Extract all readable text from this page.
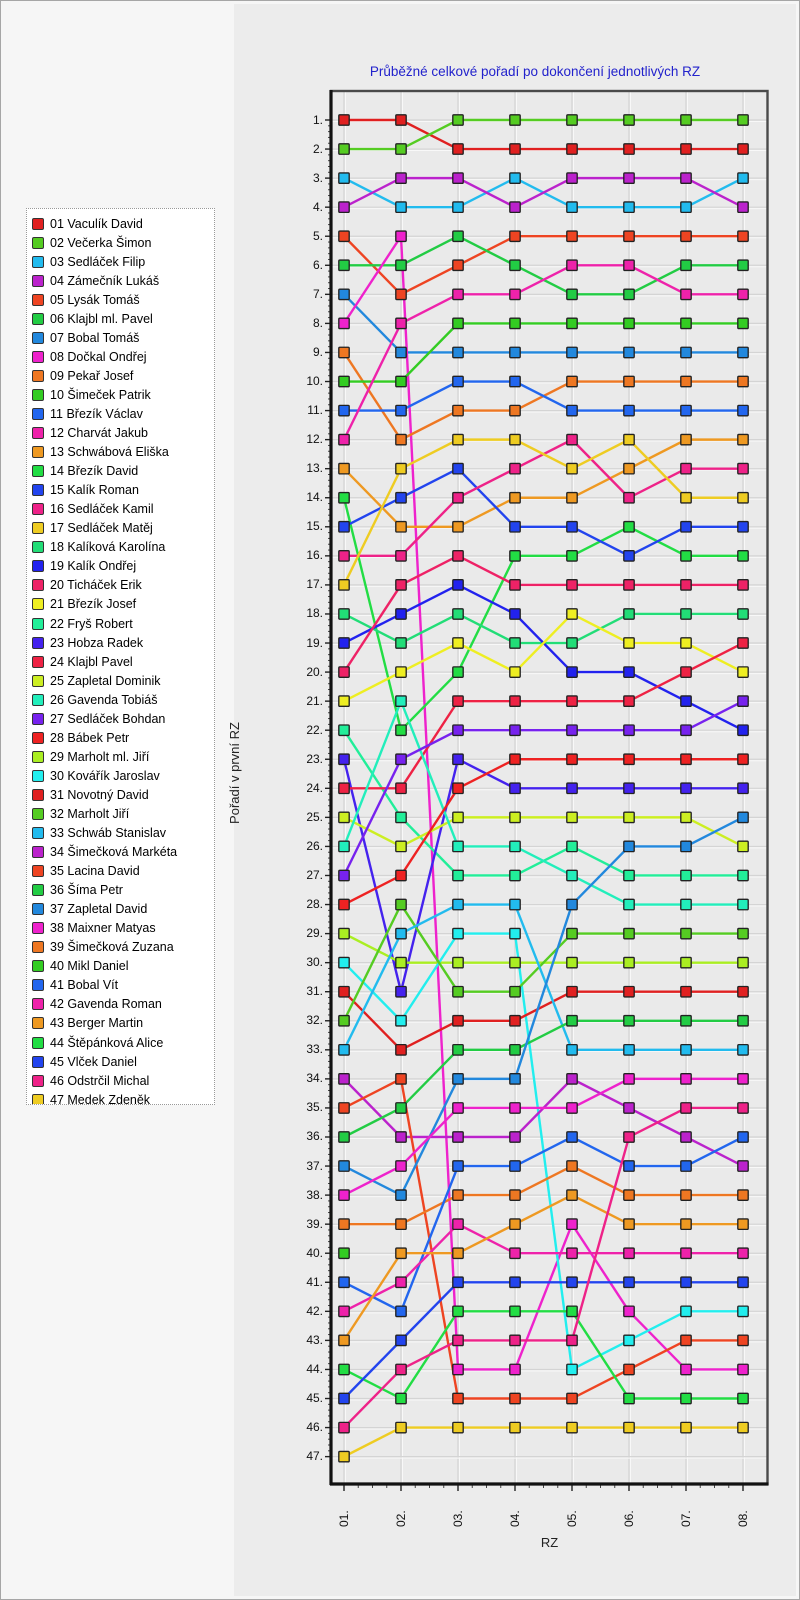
Průběžné celkové pořadí po dokončení jednotlivých RZ
Pořadí v první RZ
RZ
1.
2.
3.
4.
5.
6.
7.
8.
9.
10.
11.
12.
13.
14.
15.
16.
17.
18.
19.
20.
21.
22.
23.
24.
25.
26.
27.
28.
29.
30.
31.
32.
33.
34.
35.
36.
37.
38.
39.
40.
41.
42.
43.
44.
45.
46.
47.
01.	02.	03.	04.	05.	06.	07.	08.
01 Vaculík David
02 Večerka Šimon
03 Sedláček Filip
04 Zámečník Lukáš
05 Lysák Tomáš
06 Klajbl ml. Pavel
07 Bobal Tomáš
08 Dočkal Ondřej
09 Pekař Josef
10 Šimeček Patrik
11 Březík Václav
12 Charvát Jakub
13 Schwábová Eliška
14 Březík David
15 Kalík Roman
16 Sedláček Kamil
17 Sedláček Matěj
18 Kalíková Karolína
19 Kalík Ondřej
20 Ticháček Erik
21 Březík Josef
22 Fryš Robert
23 Hobza Radek
24 Klajbl Pavel
25 Zapletal Dominik
26 Gavenda Tobiáš
27 Sedláček Bohdan
28 Bábek Petr
29 Marholt ml. Jiří
30 Kovářík Jaroslav
31 Novotný David
32 Marholt Jiří
33 Schwáb Stanislav
34 Šimečková Markéta
35 Lacina David
36 Šíma Petr
37 Zapletal David
38 Maixner Matyas
39 Šimečková Zuzana
40 Mikl Daniel
41 Bobal Vít
42 Gavenda Roman
43 Berger Martin
44 Štěpánková Alice
45 Vlček Daniel
46 Odstrčil Michal
47 Medek Zdeněk
